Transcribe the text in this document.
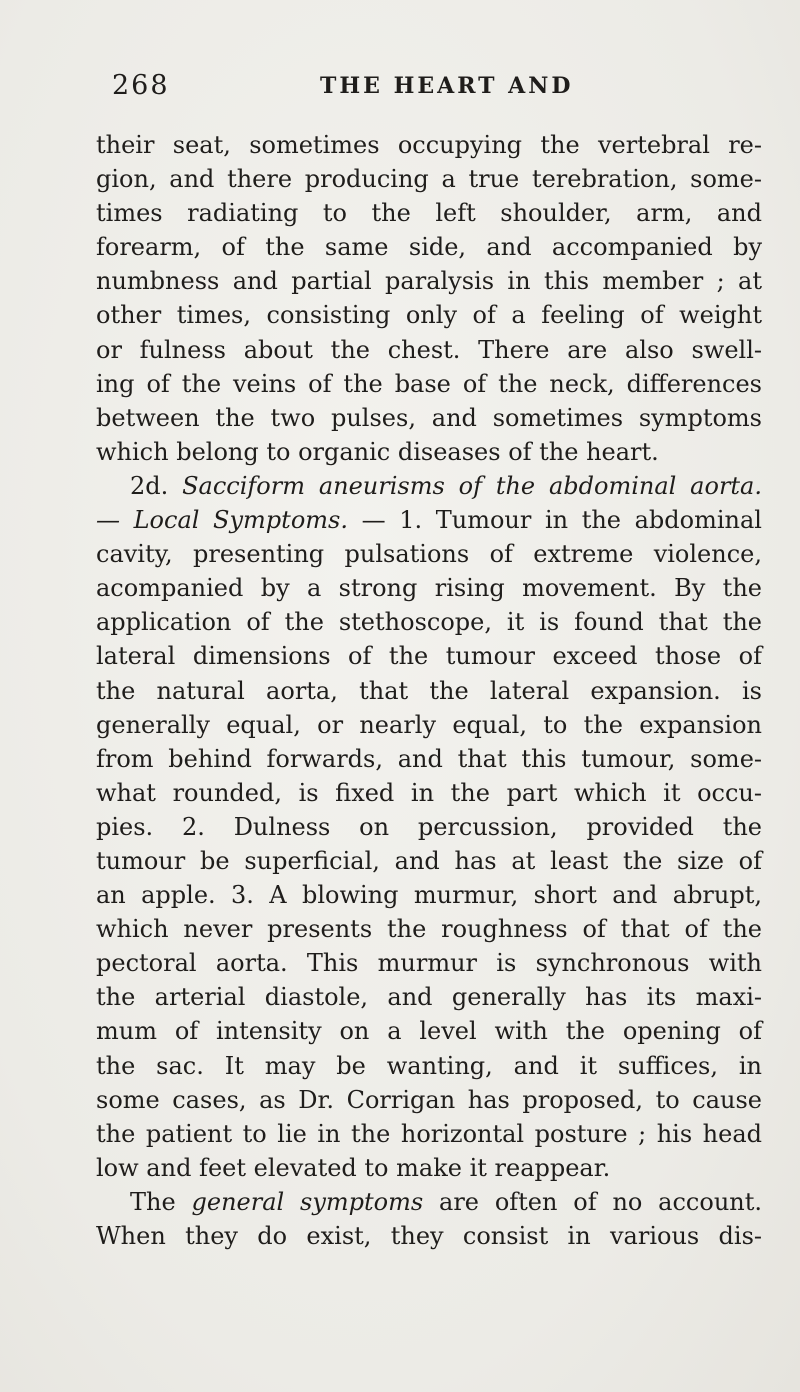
268	THE HEART AND
their seat, sometimes occupying the vertebral re-
gion, and there producing a true terebration, some-
times radiating to the left shoulder, arm, and
forearm, of the same side, and accompanied by
numbness and partial paralysis in this member ; at
other times, consisting only of a feeling of weight
or fulness about the chest. There are also swell-
ing of the veins of the base of the neck, differences
between the two pulses, and sometimes symptoms
which belong to organic diseases of the heart.
2d. Sacciform aneurisms of the abdominal aorta.
— Local Symptoms. — 1. Tumour in the abdominal
cavity, presenting pulsations of extreme violence,
acompanied by a strong rising movement. By the
application of the stethoscope, it is found that the
lateral dimensions of the tumour exceed those of
the natural aorta, that the lateral expansion. is
generally equal, or nearly equal, to the expansion
from behind forwards, and that this tumour, some-
what rounded, is fixed in the part which it occu-
pies. 2. Dulness on percussion, provided the
tumour be superficial, and has at least the size of
an apple. 3. A blowing murmur, short and abrupt,
which never presents the roughness of that of the
pectoral aorta. This murmur is synchronous with
the arterial diastole, and generally has its maxi-
mum of intensity on a level with the opening of
the sac. It may be wanting, and it suffices, in
some cases, as Dr. Corrigan has proposed, to cause
the patient to lie in the horizontal posture ; his head
low and feet elevated to make it reappear.
The general symptoms are often of no account.
When they do exist, they consist in various dis-
